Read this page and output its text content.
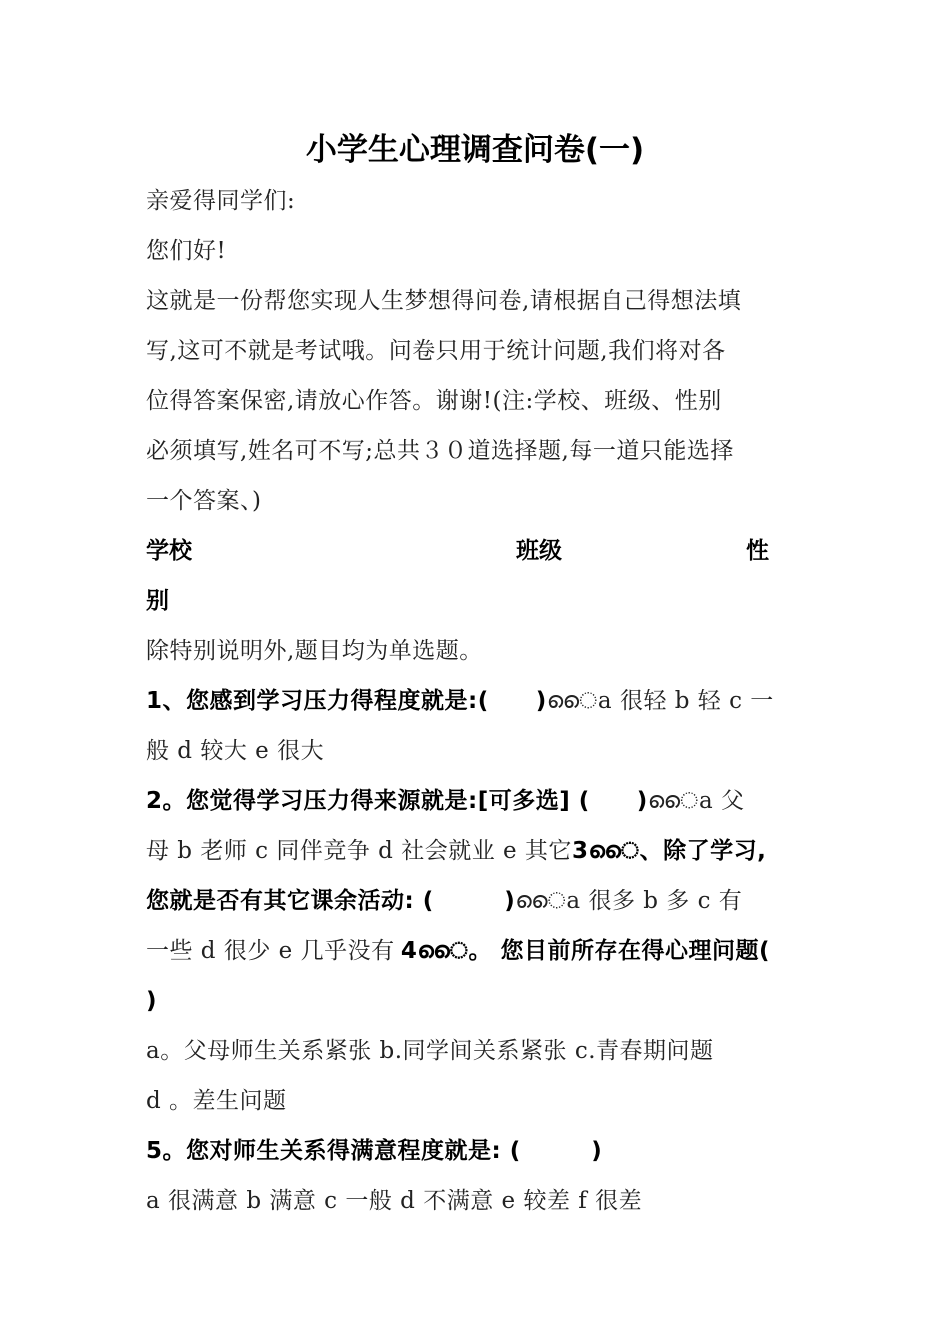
小学生心理调查问卷(一)
亲爱得同学们:
您们好!
这就是一份帮您实现人生梦想得问卷,请根据自己得想法填
写,这可不就是考试哦。问卷只用于统计问题,我们将对各
位得答案保密,请放心作答。谢谢!(注:学校、班级、性别
必须填写,姓名可不写;总共３０道选择题,每一道只能选择
一个答案、)
学校	班级	性
别
除特别说明外,题目均为单选题。
1、您感到学习压力得程度就是:(　　)ൈa 很轻 b 轻 c 一
般 d 较大 e 很大
2。您觉得学习压力得来源就是:[可多选] (　　)ൈa 父
母 b 老师 c 同伴竞争 d 社会就业 e 其它3ൈ、除了学习,
您就是否有其它课余活动: (　　　)ൈa 很多 b 多 c 有
一些 d 很少 e 几乎没有 4ൈ。 您目前所存在得心理问题(
)
a。父母师生关系紧张 b.同学间关系紧张 c.青春期问题
d 。差生问题
5。您对师生关系得满意程度就是: (　　　)
a 很满意 b 满意 c 一般 d 不满意 e 较差 f 很差
